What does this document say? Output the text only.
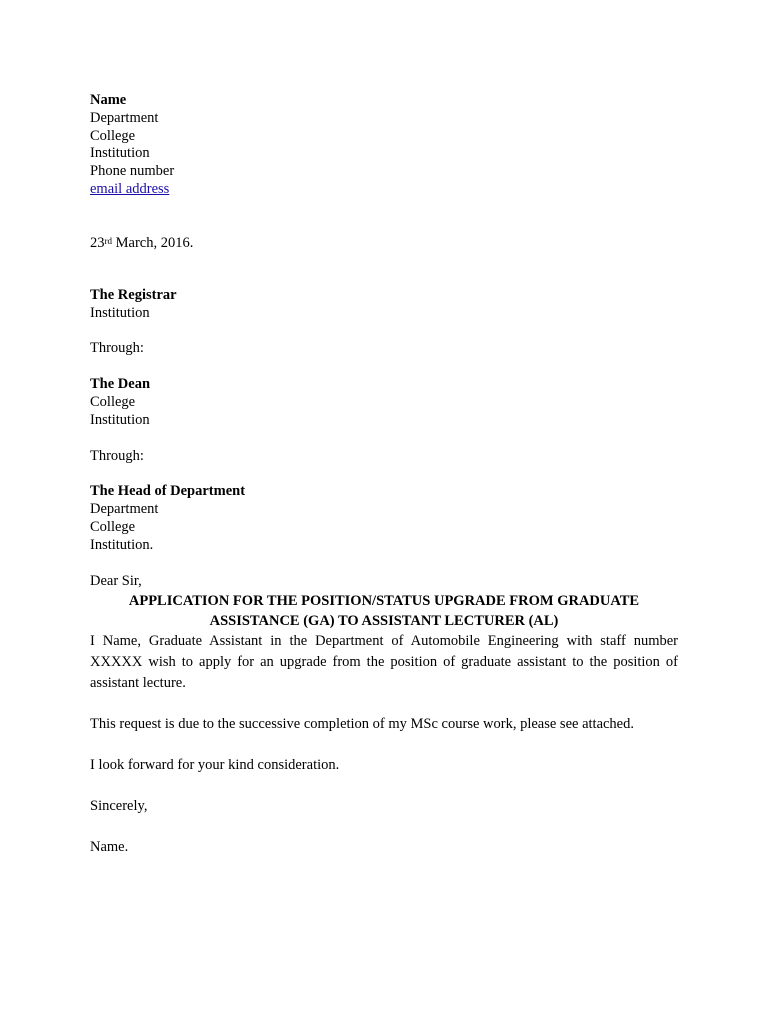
Name
Department
College
Institution
Phone number
email address
23rd March, 2016.
The Registrar
Institution
Through:
The Dean
College
Institution
Through:
The Head of Department
Department
College
Institution.
Dear Sir,
APPLICATION FOR THE POSITION/STATUS UPGRADE FROM GRADUATE
ASSISTANCE (GA) TO ASSISTANT LECTURER (AL)
I Name, Graduate Assistant in the Department of Automobile Engineering with staff number XXXXX wish to apply for an upgrade from the position of graduate assistant to the position of assistant lecture.
This request is due to the successive completion of my MSc course work, please see attached.
I look forward for your kind consideration.
Sincerely,
Name.
